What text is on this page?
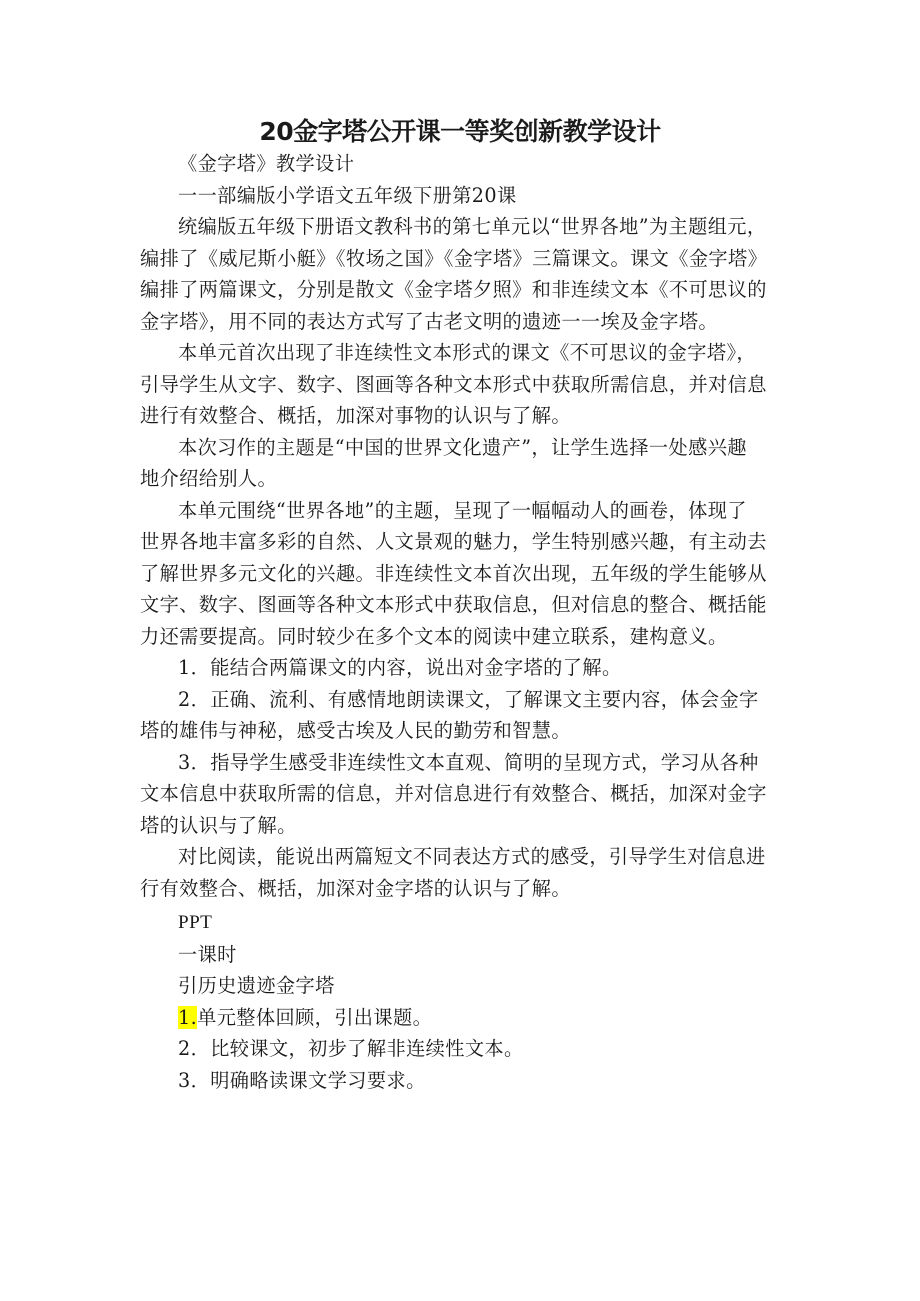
20金字塔公开课一等奖创新教学设计

《金字塔》教学设计

一一部编版小学语文五年级下册第20课

统编版五年级下册语文教科书的第七单元以“世界各地”为主题组元，

编排了《威尼斯小艇》《牧场之国》《金字塔》三篇课文。课文《金字塔》

编排了两篇课文，分别是散文《金字塔夕照》和非连续文本《不可思议的

金字塔》，用不同的表达方式写了古老文明的遗迹一一埃及金字塔。

本单元首次出现了非连续性文本形式的课文《不可思议的金字塔》，

引导学生从文字、数字、图画等各种文本形式中获取所需信息，并对信息

进行有效整合、概括，加深对事物的认识与了解。

本次习作的主题是“中国的世界文化遗产”，让学生选择一处感兴趣

地介绍给别人。

本单元围绕“世界各地”的主题，呈现了一幅幅动人的画卷，体现了

世界各地丰富多彩的自然、人文景观的魅力，学生特别感兴趣，有主动去

了解世界多元文化的兴趣。非连续性文本首次出现，五年级的学生能够从

文字、数字、图画等各种文本形式中获取信息，但对信息的整合、概括能

力还需要提高。同时较少在多个文本的阅读中建立联系，建构意义。

1．能结合两篇课文的内容，说出对金字塔的了解。

2．正确、流利、有感情地朗读课文，了解课文主要内容，体会金字

塔的雄伟与神秘，感受古埃及人民的勤劳和智慧。

3．指导学生感受非连续性文本直观、简明的呈现方式，学习从各种

文本信息中获取所需的信息，并对信息进行有效整合、概括，加深对金字

塔的认识与了解。

对比阅读，能说出两篇短文不同表达方式的感受，引导学生对信息进

行有效整合、概括，加深对金字塔的认识与了解。

PPT

一课时

引历史遗迹金字塔

1.单元整体回顾，引出课题。

2．比较课文，初步了解非连续性文本。

3．明确略读课文学习要求。
